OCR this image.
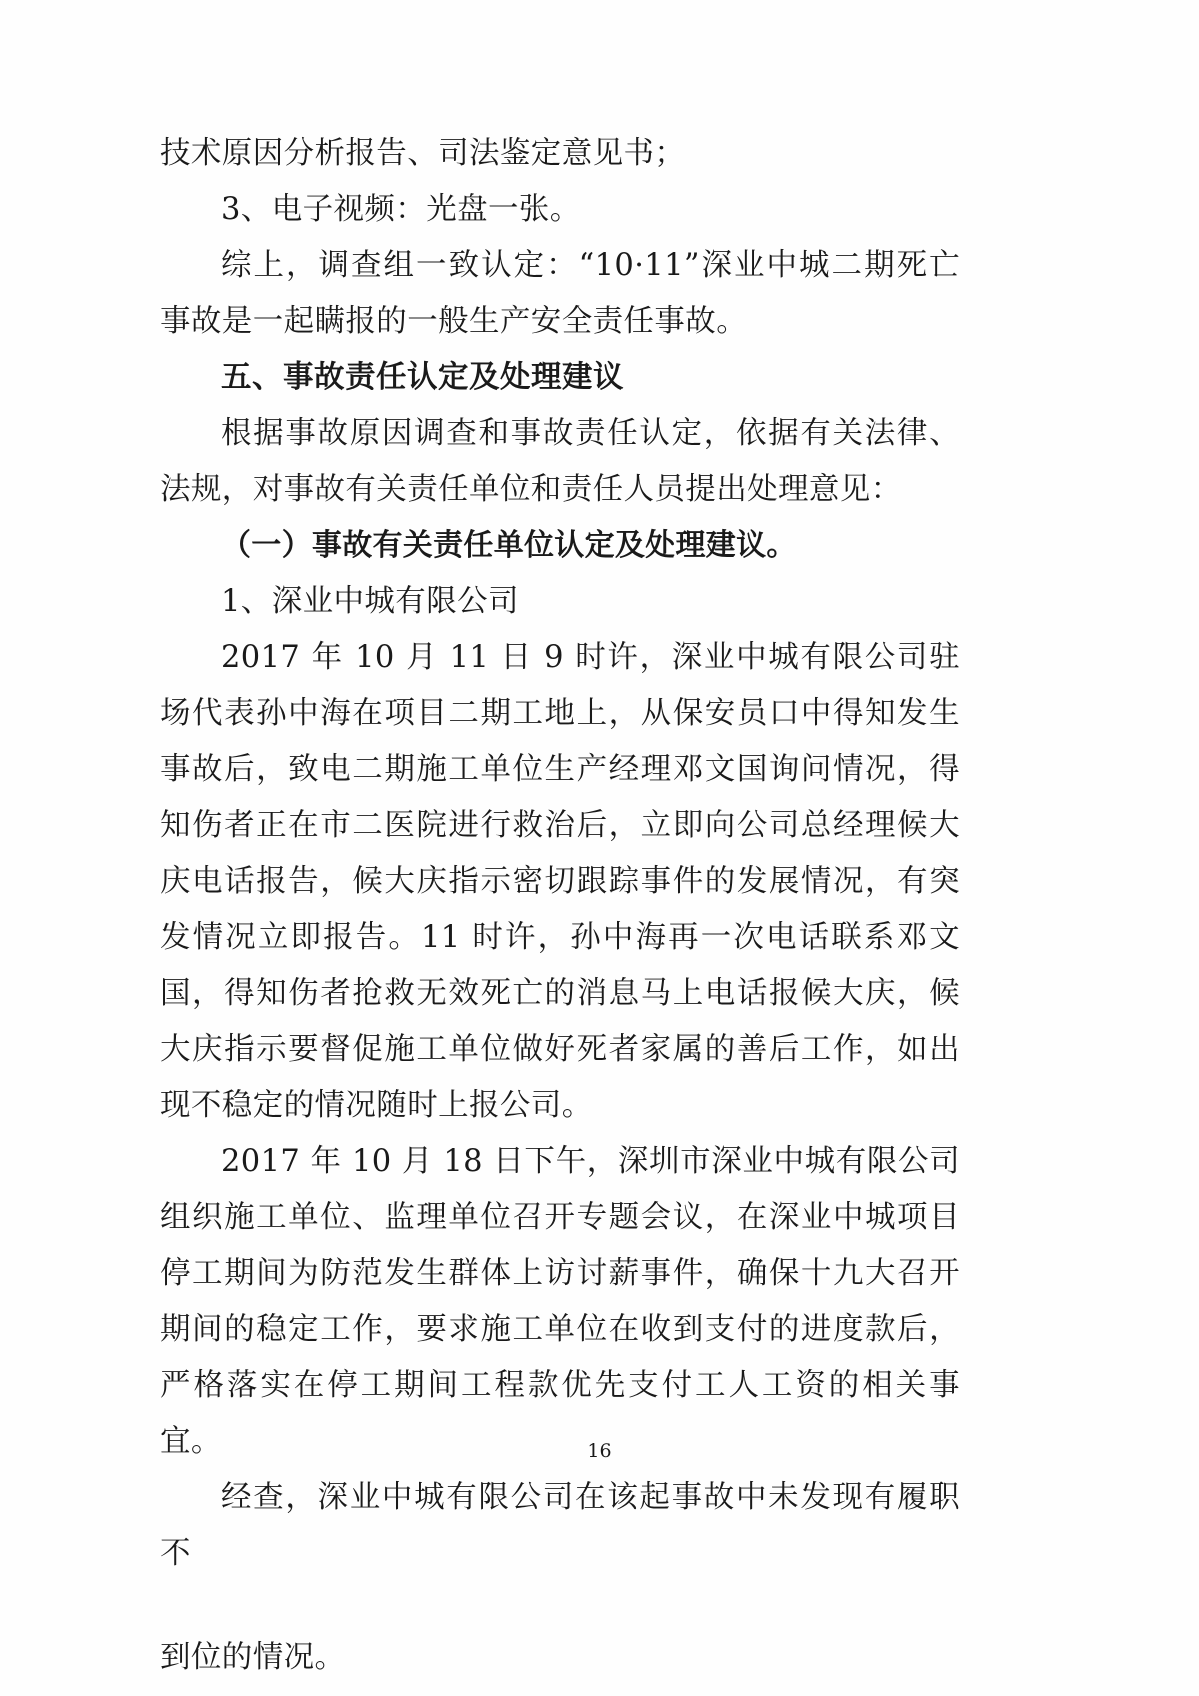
技术原因分析报告、司法鉴定意见书；

3、电子视频：光盘一张。

综上，调查组一致认定：“10·11”深业中城二期死亡事故是一起瞒报的一般生产安全责任事故。

五、事故责任认定及处理建议

根据事故原因调查和事故责任认定，依据有关法律、法规，对事故有关责任单位和责任人员提出处理意见：

（一）事故有关责任单位认定及处理建议。

1、深业中城有限公司

2017 年 10 月 11 日 9 时许，深业中城有限公司驻场代表孙中海在项目二期工地上，从保安员口中得知发生事故后，致电二期施工单位生产经理邓文国询问情况，得知伤者正在市二医院进行救治后，立即向公司总经理候大庆电话报告，候大庆指示密切跟踪事件的发展情况，有突发情况立即报告。11 时许，孙中海再一次电话联系邓文国，得知伤者抢救无效死亡的消息马上电话报候大庆，候大庆指示要督促施工单位做好死者家属的善后工作，如出现不稳定的情况随时上报公司。

2017 年 10 月 18 日下午，深圳市深业中城有限公司组织施工单位、监理单位召开专题会议，在深业中城项目停工期间为防范发生群体上访讨薪事件，确保十九大召开期间的稳定工作，要求施工单位在收到支付的进度款后，严格落实在停工期间工程款优先支付工人工资的相关事宜。

经查，深业中城有限公司在该起事故中未发现有履职不

16

到位的情况。
